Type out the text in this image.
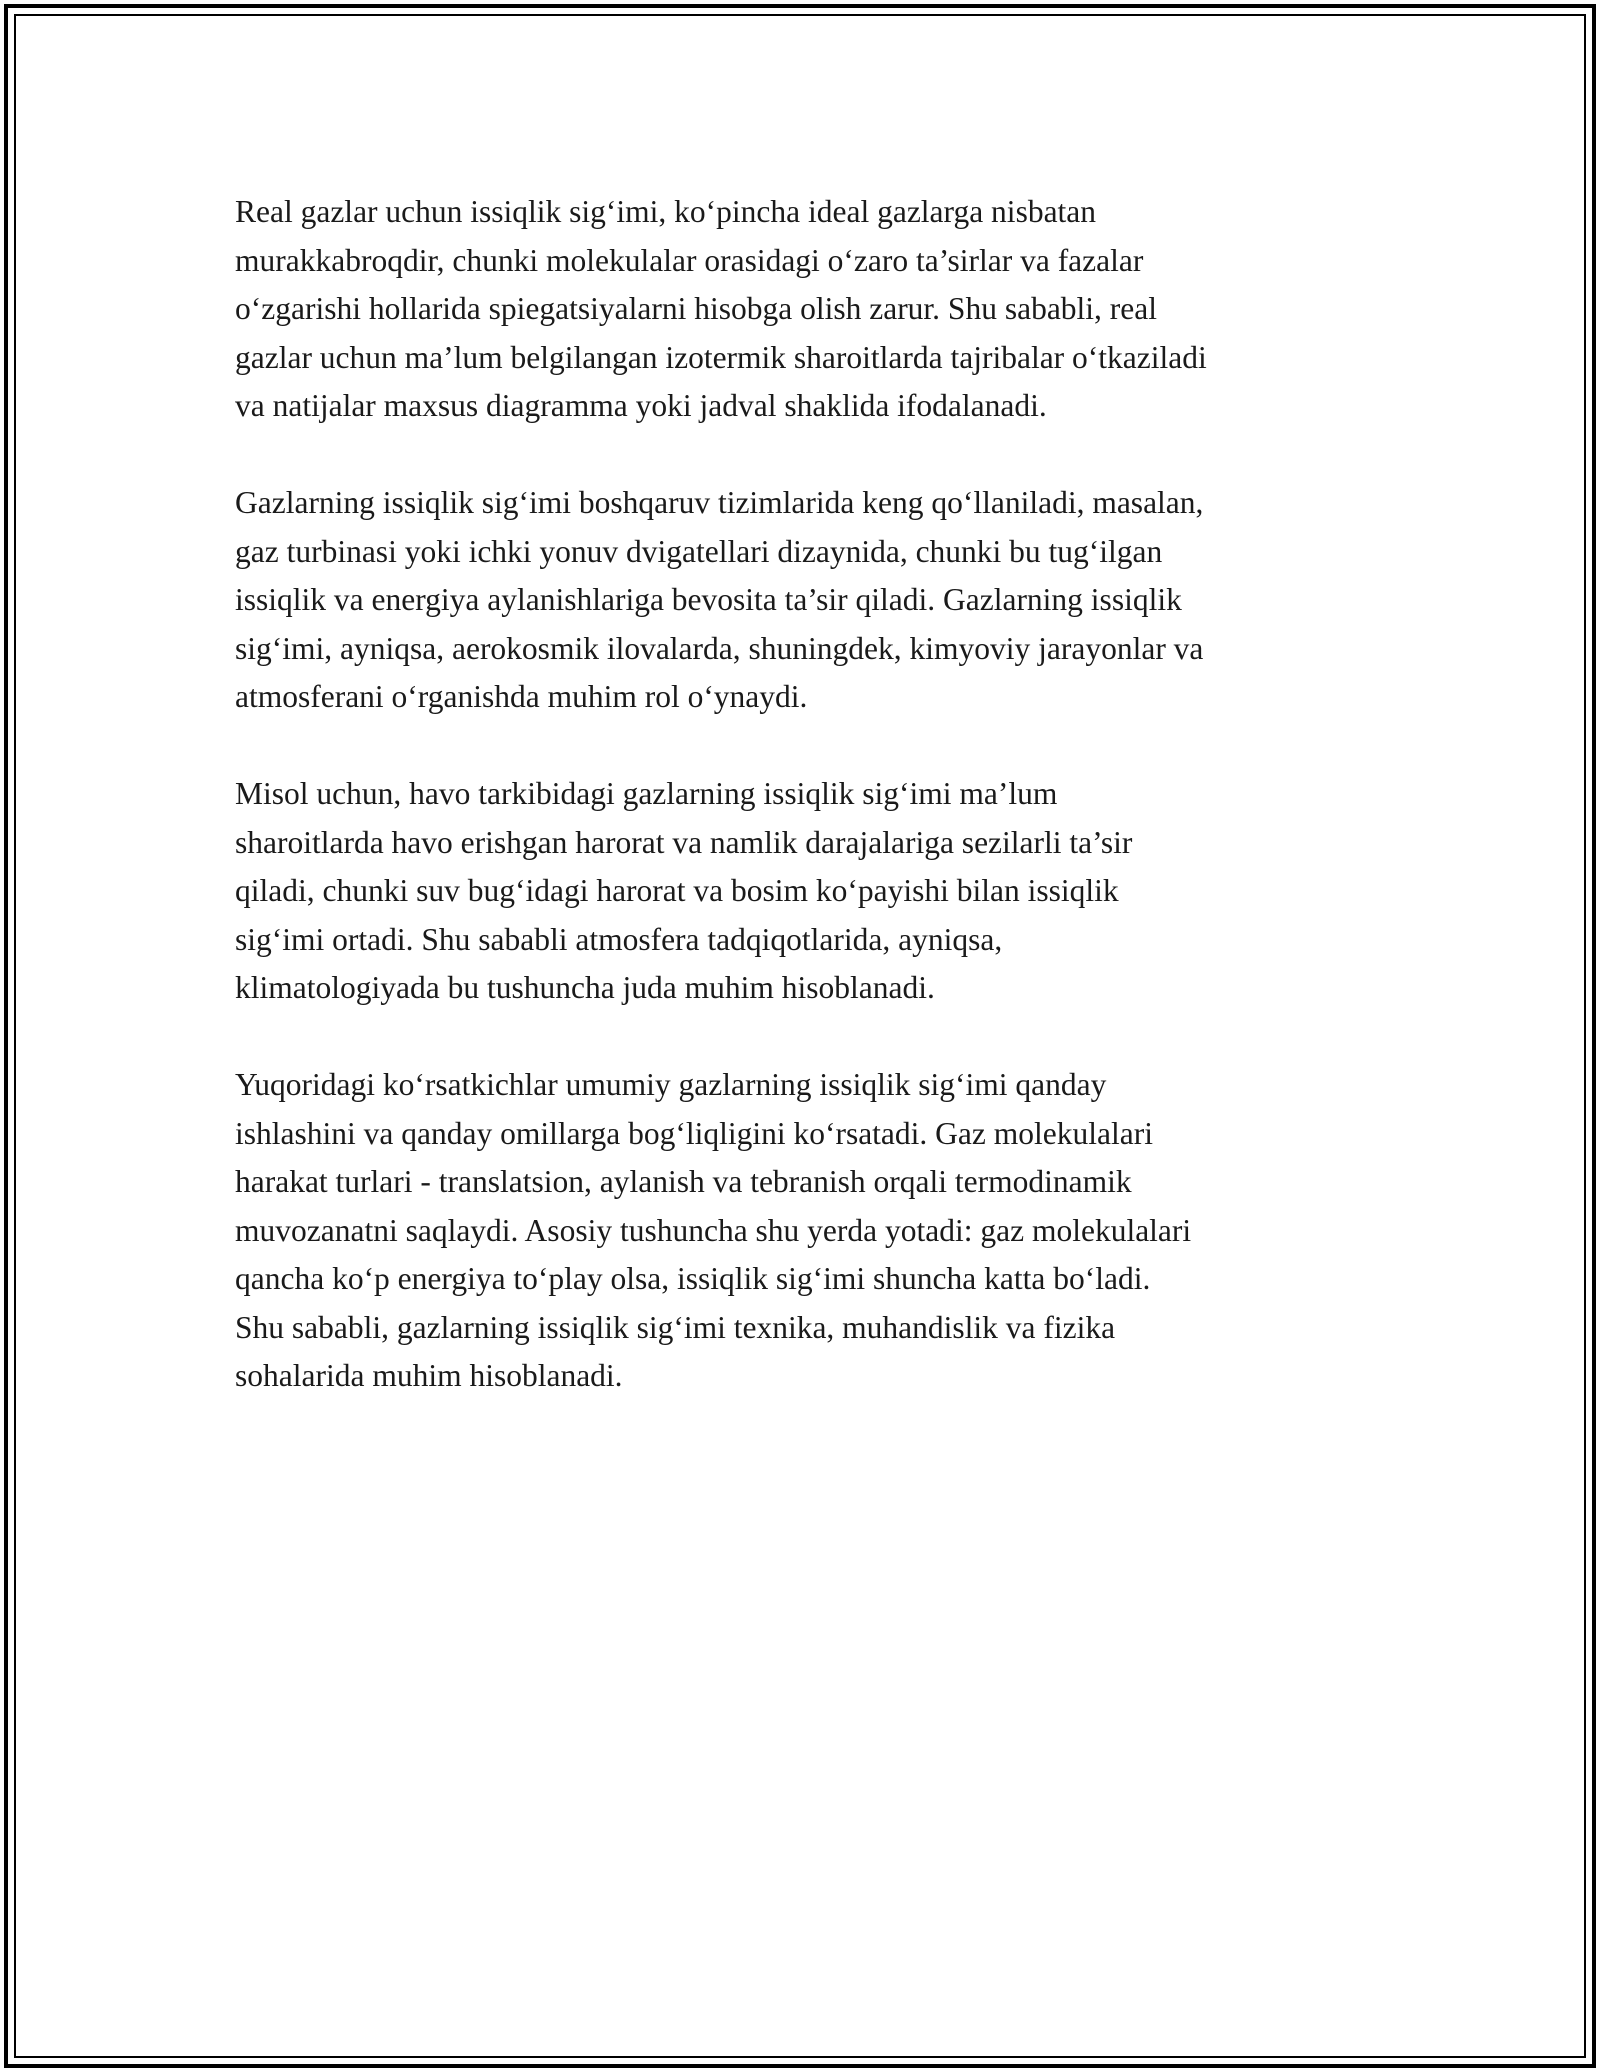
Real gazlar uchun issiqlik sig‘imi, ko‘pincha ideal gazlarga nisbatan
murakkabroqdir, chunki molekulalar orasidagi o‘zaro ta’sirlar va fazalar
o‘zgarishi hollarida spiegatsiyalarni hisobga olish zarur. Shu sababli, real
gazlar uchun ma’lum belgilangan izotermik sharoitlarda tajribalar o‘tkaziladi
va natijalar maxsus diagramma yoki jadval shaklida ifodalanadi.

Gazlarning issiqlik sig‘imi boshqaruv tizimlarida keng qo‘llaniladi, masalan,
gaz turbinasi yoki ichki yonuv dvigatellari dizaynida, chunki bu tug‘ilgan
issiqlik va energiya aylanishlariga bevosita ta’sir qiladi. Gazlarning issiqlik
sig‘imi, ayniqsa, aerokosmik ilovalarda, shuningdek, kimyoviy jarayonlar va
atmosferani o‘rganishda muhim rol o‘ynaydi.

Misol uchun, havo tarkibidagi gazlarning issiqlik sig‘imi ma’lum
sharoitlarda havo erishgan harorat va namlik darajalariga sezilarli ta’sir
qiladi, chunki suv bug‘idagi harorat va bosim ko‘payishi bilan issiqlik
sig‘imi ortadi. Shu sababli atmosfera tadqiqotlarida, ayniqsa,
klimatologiyada bu tushuncha juda muhim hisoblanadi.

Yuqoridagi ko‘rsatkichlar umumiy gazlarning issiqlik sig‘imi qanday
ishlashini va qanday omillarga bog‘liqligini ko‘rsatadi. Gaz molekulalari
harakat turlari - translatsion, aylanish va tebranish orqali termodinamik
muvozanatni saqlaydi. Asosiy tushuncha shu yerda yotadi: gaz molekulalari
qancha ko‘p energiya to‘play olsa, issiqlik sig‘imi shuncha katta bo‘ladi.
Shu sababli, gazlarning issiqlik sig‘imi texnika, muhandislik va fizika
sohalarida muhim hisoblanadi.
